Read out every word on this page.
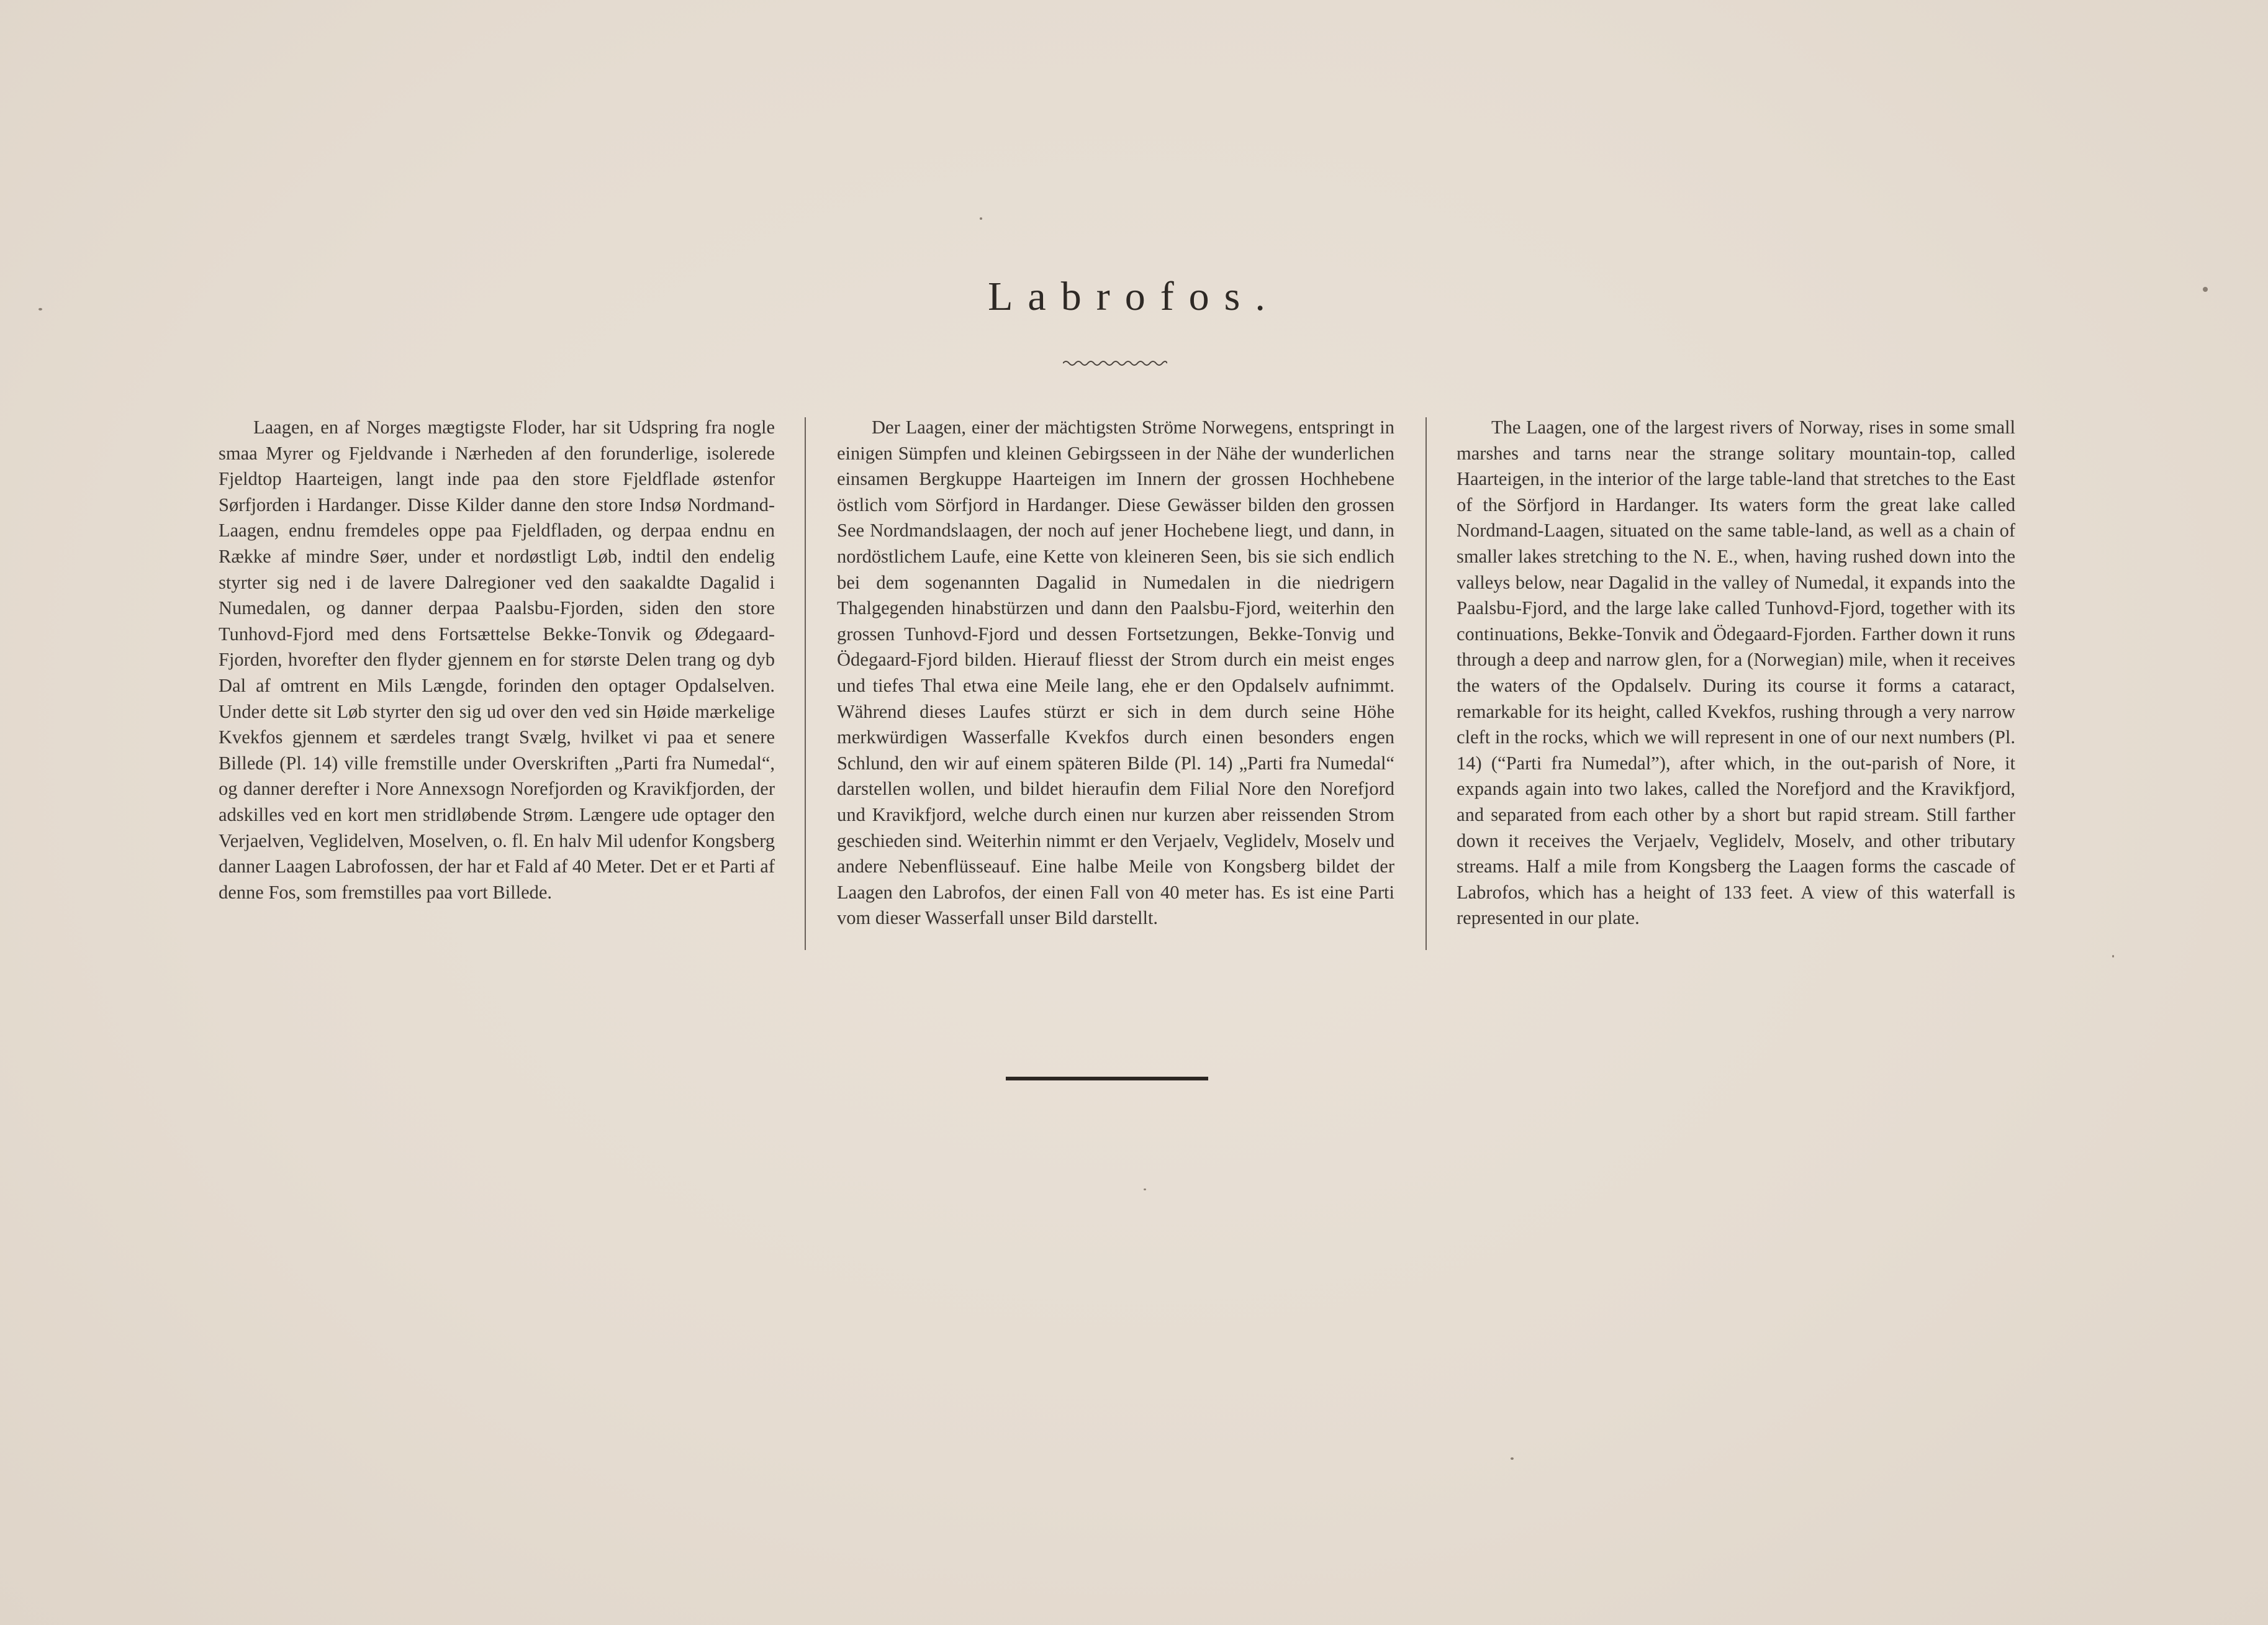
Labrofos.

Laagen, en af Norges mægtigste Floder, har sit Udspring fra nogle smaa Myrer og Fjeldvande i Nærheden af den forunderlige, isolerede Fjeldtop Haarteigen, langt inde paa den store Fjeldflade østenfor Sørfjorden i Hardanger. Disse Kilder danne den store Indsø Nordmand-Laagen, endnu fremdeles oppe paa Fjeldfladen, og derpaa endnu en Række af mindre Søer, under et nordøstligt Løb, indtil den endelig styrter sig ned i de lavere Dalregioner ved den saakaldte Dagalid i Numedalen, og danner derpaa Paalsbu-Fjorden, siden den store Tunhovd-Fjord med dens Fortsættelse Bekke-Tonvik og Ødegaard-Fjorden, hvorefter den flyder gjennem en for største Delen trang og dyb Dal af omtrent en Mils Længde, forinden den optager Opdalselven. Under dette sit Løb styrter den sig ud over den ved sin Høide mærkelige Kvekfos gjennem et særdeles trangt Svælg, hvilket vi paa et senere Billede (Pl. 14) ville fremstille under Overskriften „Parti fra Numedal“, og danner derefter i Nore Annexsogn Norefjorden og Kravikfjorden, der adskilles ved en kort men stridløbende Strøm. Længere ude optager den Verjaelven, Veglidelven, Moselven, o. fl. En halv Mil udenfor Kongsberg danner Laagen Labrofossen, der har et Fald af 40 Meter. Det er et Parti af denne Fos, som fremstilles paa vort Billede.

Der Laagen, einer der mächtigsten Ströme Norwegens, entspringt in einigen Sümpfen und kleinen Gebirgsseen in der Nähe der wunderlichen einsamen Bergkuppe Haarteigen im Innern der grossen Hochhebene östlich vom Sörfjord in Hardanger. Diese Gewässer bilden den grossen See Nordmandslaagen, der noch auf jener Hochebene liegt, und dann, in nordöstlichem Laufe, eine Kette von kleineren Seen, bis sie sich endlich bei dem sogenannten Dagalid in Numedalen in die niedrigern Thalgegenden hinabstürzen und dann den Paalsbu-Fjord, weiterhin den grossen Tunhovd-Fjord und dessen Fortsetzungen, Bekke-Tonvig und Ödegaard-Fjord bilden. Hierauf fliesst der Strom durch ein meist enges und tiefes Thal etwa eine Meile lang, ehe er den Opdalselv aufnimmt. Während dieses Laufes stürzt er sich in dem durch seine Höhe merkwürdigen Wasserfalle Kvekfos durch einen besonders engen Schlund, den wir auf einem späteren Bilde (Pl. 14) „Parti fra Numedal“ darstellen wollen, und bildet hieraufin dem Filial Nore den Norefjord und Kravikfjord, welche durch einen nur kurzen aber reissenden Strom geschieden sind. Weiterhin nimmt er den Verjaelv, Veglidelv, Moselv und andere Nebenflüsseauf. Eine halbe Meile von Kongsberg bildet der Laagen den Labrofos, der einen Fall von 40 meter has. Es ist eine Parti vom dieser Wasserfall unser Bild darstellt.

The Laagen, one of the largest rivers of Norway, rises in some small marshes and tarns near the strange solitary mountain-top, called Haarteigen, in the interior of the large table-land that stretches to the East of the Sörfjord in Hardanger. Its waters form the great lake called Nordmand-Laagen, situated on the same table-land, as well as a chain of smaller lakes stretching to the N. E., when, having rushed down into the valleys below, near Dagalid in the valley of Numedal, it expands into the Paalsbu-Fjord, and the large lake called Tunhovd-Fjord, together with its continuations, Bekke-Tonvik and Ödegaard-Fjorden. Farther down it runs through a deep and narrow glen, for a (Norwegian) mile, when it receives the waters of the Opdalselv. During its course it forms a cataract, remarkable for its height, called Kvekfos, rushing through a very narrow cleft in the rocks, which we will represent in one of our next numbers (Pl. 14) (“Parti fra Numedal”), after which, in the out-parish of Nore, it expands again into two lakes, called the Norefjord and the Kravikfjord, and separated from each other by a short but rapid stream. Still farther down it receives the Verjaelv, Veglidelv, Moselv, and other tributary streams. Half a mile from Kongsberg the Laagen forms the cascade of Labrofos, which has a height of 133 feet. A view of this waterfall is represented in our plate.
